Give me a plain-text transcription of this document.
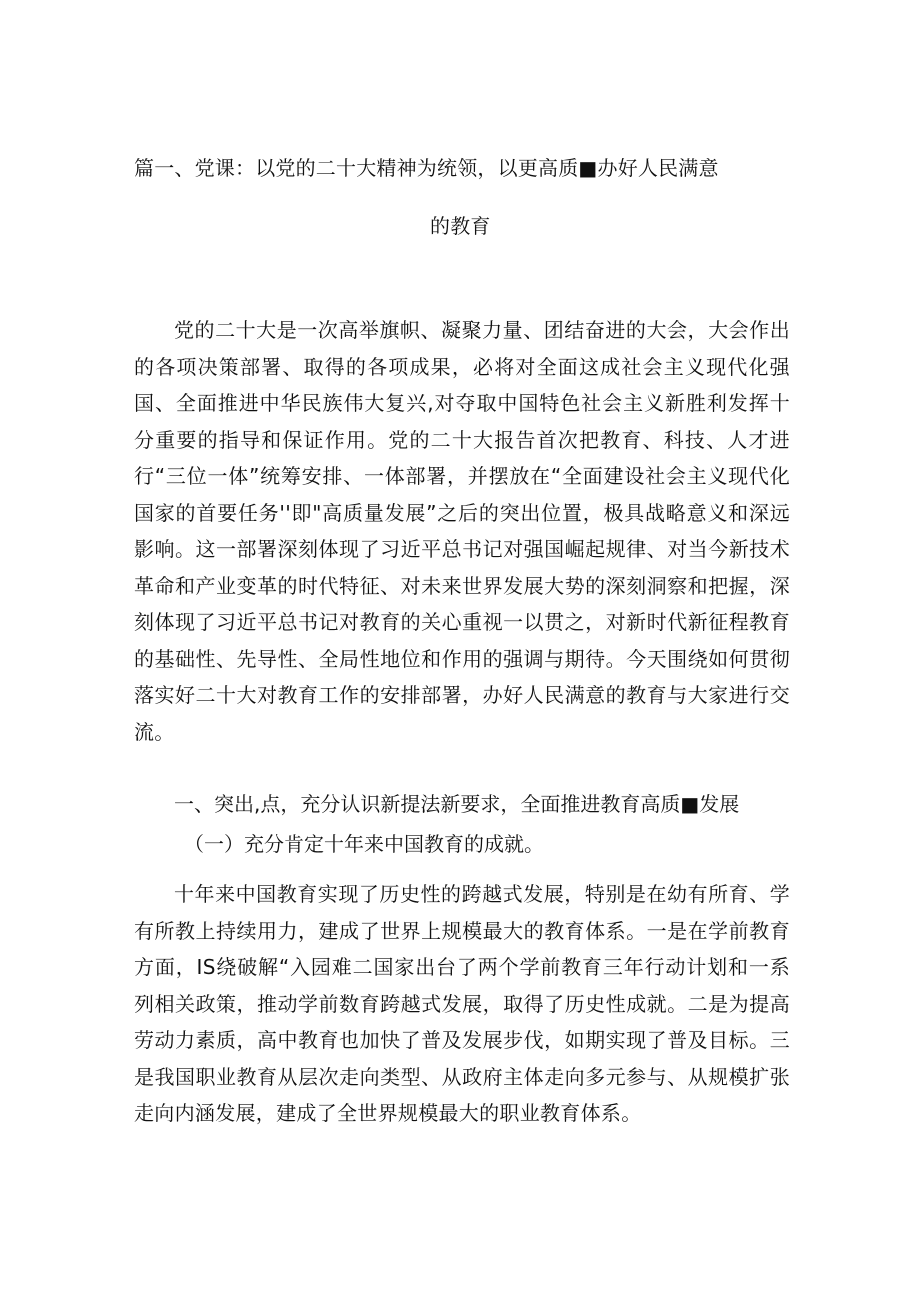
篇一、党课：以党的二十大精神为统领，以更高质■办好人民满意
的教育

党的二十大是一次高举旗帜、凝聚力量、团结奋进的大会，大会作出的各项决策部署、取得的各项成果，必将对全面这成社会主义现代化强国、全面推进中华民族伟大复兴,对夺取中国特色社会主义新胜利发挥十分重要的指导和保证作用。党的二十大报告首次把教育、科技、人才进行“三位一体”统筹安排、一体部署，并摆放在“全面建设社会主义现代化国家的首要任务''即"高质量发展”之后的突出位置，极具战略意义和深远影响。这一部署深刻体现了习近平总书记对强国崛起规律、对当今新技术革命和产业变革的时代特征、对未来世界发展大势的深刻洞察和把握，深刻体现了习近平总书记对教育的关心重视一以贯之，对新时代新征程教育的基础性、先导性、全局性地位和作用的强调与期待。今天围绕如何贯彻落实好二十大对教育工作的安排部署，办好人民满意的教育与大家进行交流。

一、突出,点，充分认识新提法新要求，全面推进教育高质■发展
（一）充分肯定十年来中国教育的成就。

十年来中国教育实现了历史性的跨越式发展，特别是在幼有所育、学有所教上持续用力，建成了世界上规模最大的教育体系。一是在学前教育方面，IS绕破解“入园难二国家出台了两个学前教育三年行动计划和一系列相关政策，推动学前数育跨越式发展，取得了历史性成就。二是为提高劳动力素质，高中教育也加快了普及发展步伐，如期实现了普及目标。三是我国职业教育从层次走向类型、从政府主体走向多元参与、从规模扩张走向内涵发展，建成了全世界规模最大的职业教育体系。
